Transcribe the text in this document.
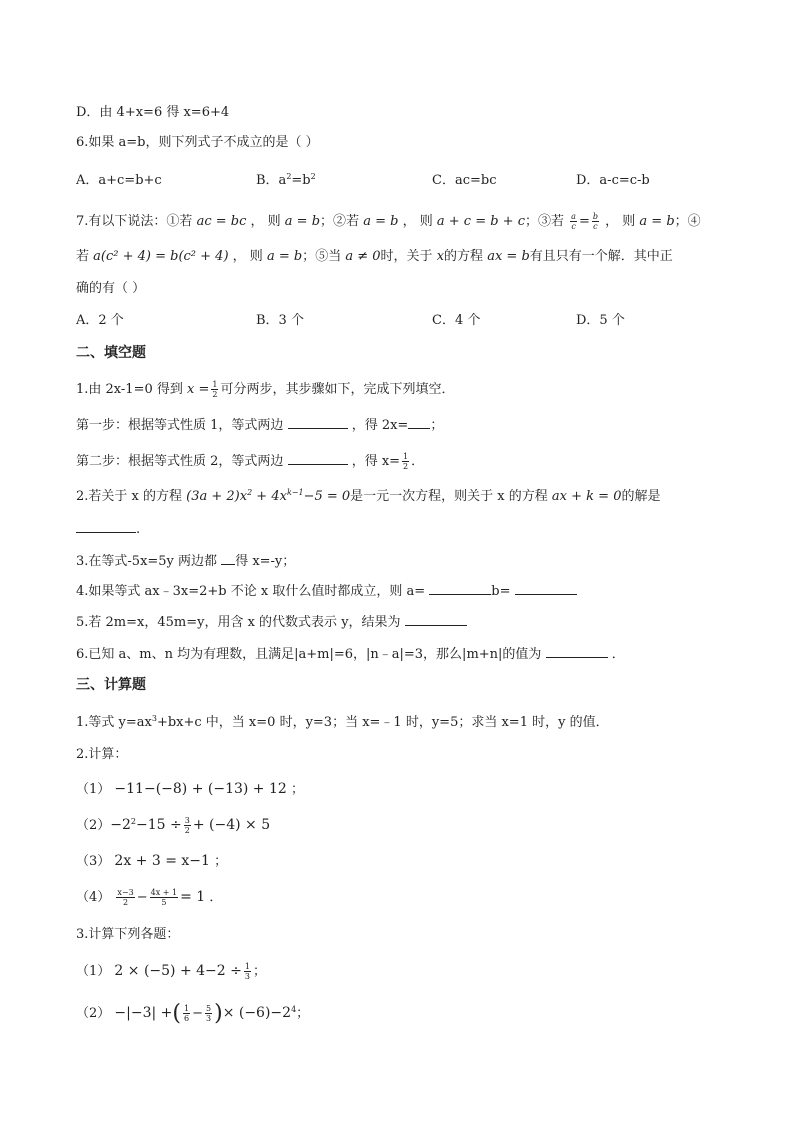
D．由 4+x=6 得 x=6+4
6.如果 a=b，则下列式子不成立的是（ ）
A．a+c=b+c	B．$a^2=b^2$	C．ac=bc	D．a-c=c-b
7.有以下说法：①若 ac = bc ， 则 a = b；②若 a = b ， 则 a + c = b + c；③若 $\frac{a}{c} = \frac{b}{c}$ ， 则 a = b；④
若 a(c² + 4) = b(c² + 4) ， 则 a = b；⑤当 a ≠ 0时，关于 x的方程 ax = b有且只有一个解．其中正
确的有（ ）
A．2 个	B．3 个	C．4 个	D．5 个
二、填空题
1.由 2x-1=0 得到 $x = \frac{1}{2}$ 可分两步，其步骤如下，完成下列填空．
第一步：根据等式性质 1，等式两边	，得 2x= ；
第二步：根据等式性质 2，等式两边	，得 $x= \frac{1}{2}$ ．
2.若关于 x 的方程 $(3a + 2)x^2 + 4x^{k-1}-5 = 0$是一元一次方程，则关于 x 的方程 ax + k = 0的解是
.
3.在等式-5x=5y 两边都 得 x=-y；
4.如果等式 ax﹣3x=2+b 不论 x 取什么值时都成立，则 a=	b=
5.若 2m=x，45m=y，用含 x 的代数式表示 y，结果为
6.已知 a、m、n 均为有理数，且满足|a+m|=6，|n﹣a|=3，那么|m+n|的值为	．
三、计算题
1.等式 $y=ax^3+bx+c$ 中，当 x=0 时，y=3；当 x=﹣1 时，y=5；求当 x=1 时，y 的值．
2.计算：
（1） −11−(−8) + (−13) + 12 ；
$(2)-2^2-15 \div \frac{3}{2} + (-4) \times 5$
（3） 2x + 3 = x−1 ；
$(4) \frac{x-3}{2} - \frac{4x + 1}{5} = 1$ ．
3.计算下列各题：
（1） $2 \times (-5) + 4-2 \div \frac{1}{3}$ ；
（2） −|−3| +( $\frac{1}{6} - \frac{5}{3}$ )× $(-6)-2^4$；
